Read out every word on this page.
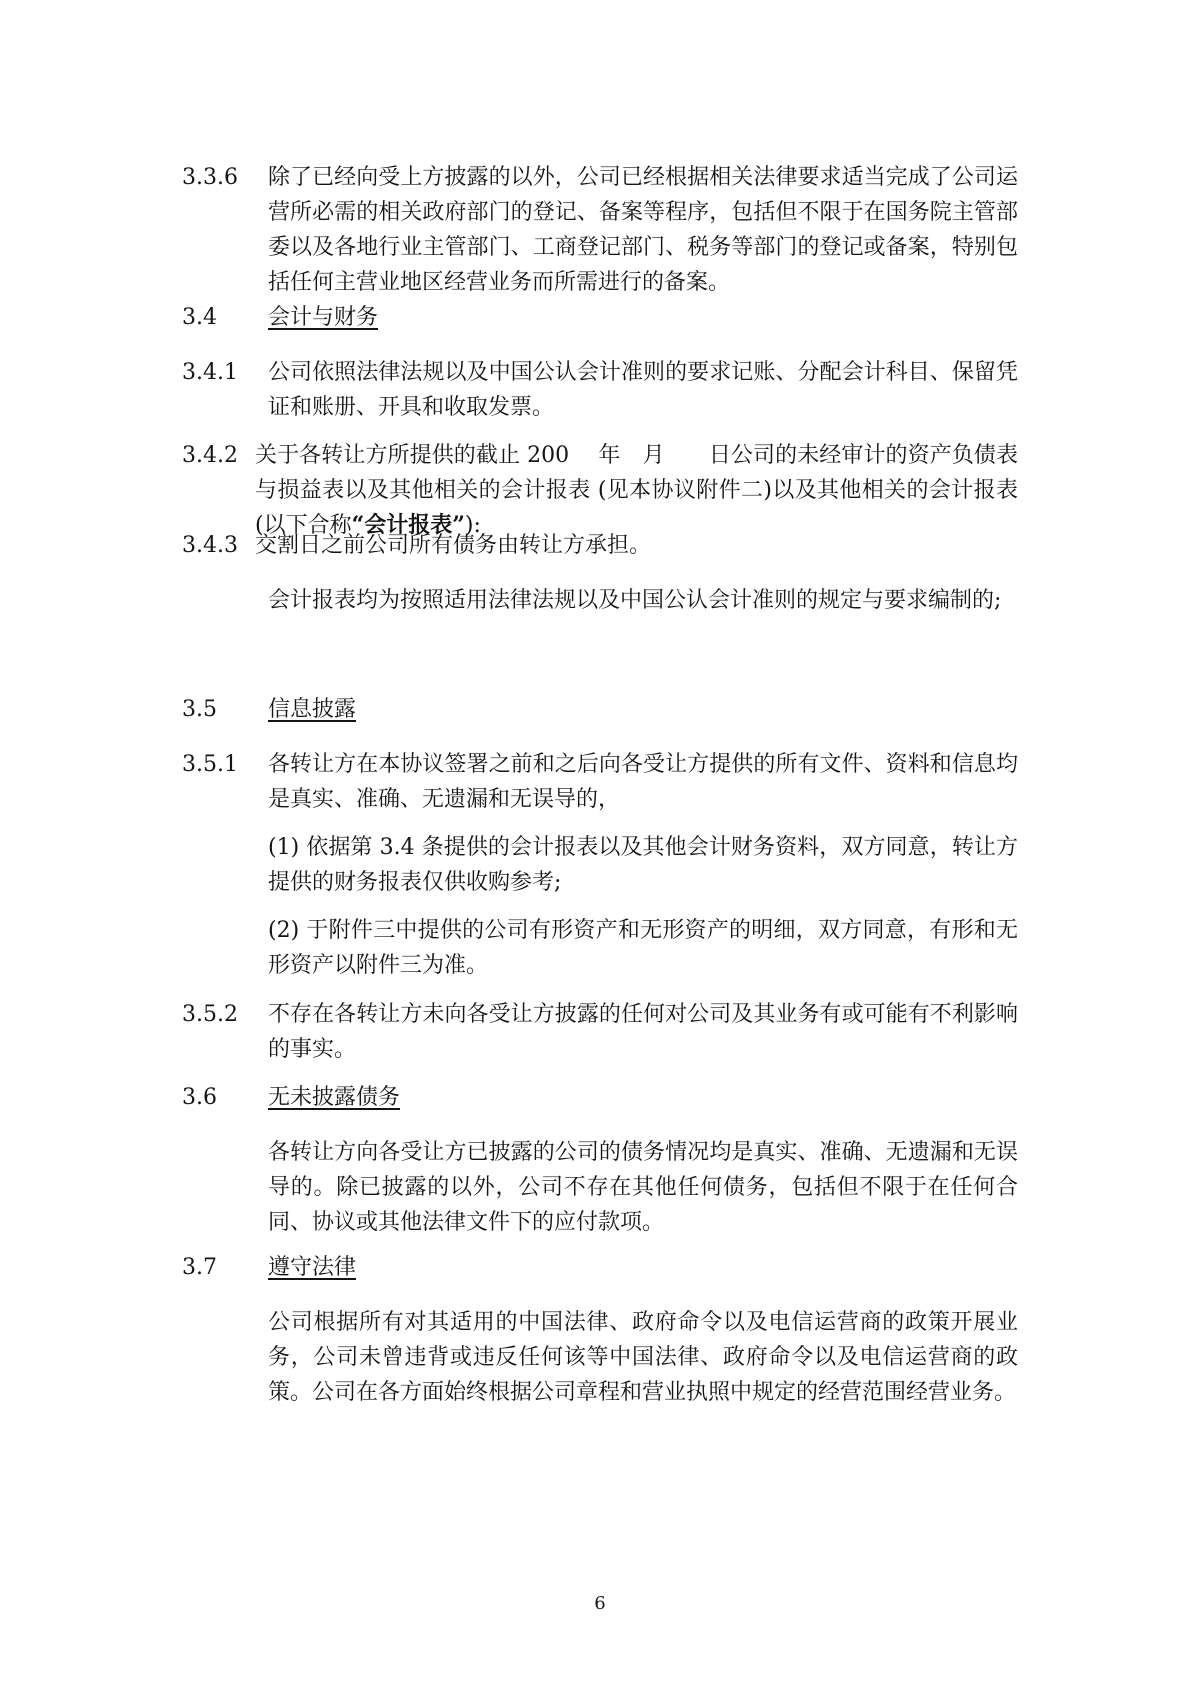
3.3.6 除了已经向受上方披露的以外，公司已经根据相关法律要求适当完成了公司运营所必需的相关政府部门的登记、备案等程序，包括但不限于在国务院主管部委以及各地行业主管部门、工商登记部门、税务等部门的登记或备案，特别包括任何主营业地区经营业务而所需进行的备案。
3.4 会计与财务
3.4.1 公司依照法律法规以及中国公认会计准则的要求记账、分配会计科目、保留凭证和账册、开具和收取发票。
3.4.2 关于各转让方所提供的截止 200　 年　月　　日公司的未经审计的资产负债表与损益表以及其他相关的会计报表 (见本协议附件二)以及其他相关的会计报表 (以下合称“会计报表”):
3.4.3 交割日之前公司所有债务由转让方承担。
会计报表均为按照适用法律法规以及中国公认会计准则的规定与要求编制的;
3.5 信息披露
3.5.1 各转让方在本协议签署之前和之后向各受让方提供的所有文件、资料和信息均是真实、准确、无遗漏和无误导的，
(1) 依据第 3.4 条提供的会计报表以及其他会计财务资料，双方同意，转让方提供的财务报表仅供收购参考;
(2) 于附件三中提供的公司有形资产和无形资产的明细，双方同意，有形和无形资产以附件三为准。
3.5.2 不存在各转让方未向各受让方披露的任何对公司及其业务有或可能有不利影响的事实。
3.6 无未披露债务
各转让方向各受让方已披露的公司的债务情况均是真实、准确、无遗漏和无误导的。除已披露的以外，公司不存在其他任何债务，包括但不限于在任何合同、协议或其他法律文件下的应付款项。
3.7 遵守法律
公司根据所有对其适用的中国法律、政府命令以及电信运营商的政策开展业务，公司未曾违背或违反任何该等中国法律、政府命令以及电信运营商的政策。公司在各方面始终根据公司章程和营业执照中规定的经营范围经营业务。
6
